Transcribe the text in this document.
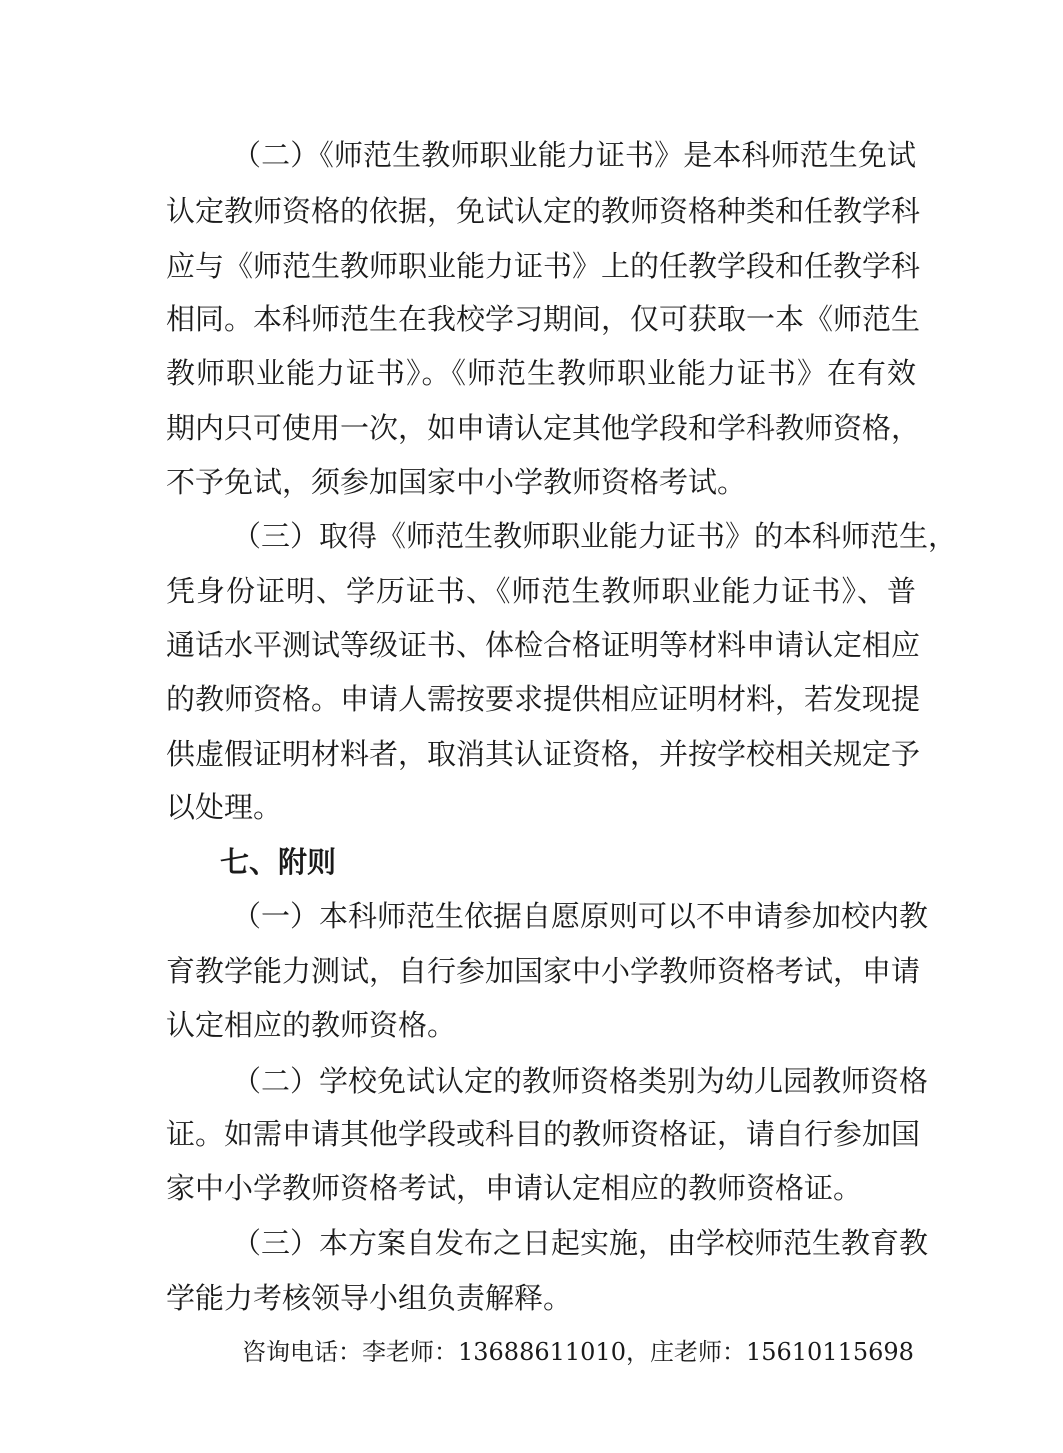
（二）《师范生教师职业能力证书》是本科师范生免试
认定教师资格的依据，免试认定的教师资格种类和任教学科
应与《师范生教师职业能力证书》上的任教学段和任教学科
相同。本科师范生在我校学习期间，仅可获取一本《师范生
教师职业能力证书》。《师范生教师职业能力证书》在有效
期内只可使用一次，如申请认定其他学段和学科教师资格，
不予免试，须参加国家中小学教师资格考试。
（三）取得《师范生教师职业能力证书》的本科师范生，
凭身份证明、学历证书、《师范生教师职业能力证书》、普
通话水平测试等级证书、体检合格证明等材料申请认定相应
的教师资格。申请人需按要求提供相应证明材料，若发现提
供虚假证明材料者，取消其认证资格，并按学校相关规定予
以处理。
七、附则
（一）本科师范生依据自愿原则可以不申请参加校内教
育教学能力测试，自行参加国家中小学教师资格考试，申请
认定相应的教师资格。
（二）学校免试认定的教师资格类别为幼儿园教师资格
证。如需申请其他学段或科目的教师资格证，请自行参加国
家中小学教师资格考试，申请认定相应的教师资格证。
（三）本方案自发布之日起实施，由学校师范生教育教
学能力考核领导小组负责解释。
咨询电话：李老师：13688611010，庄老师：15610115698
